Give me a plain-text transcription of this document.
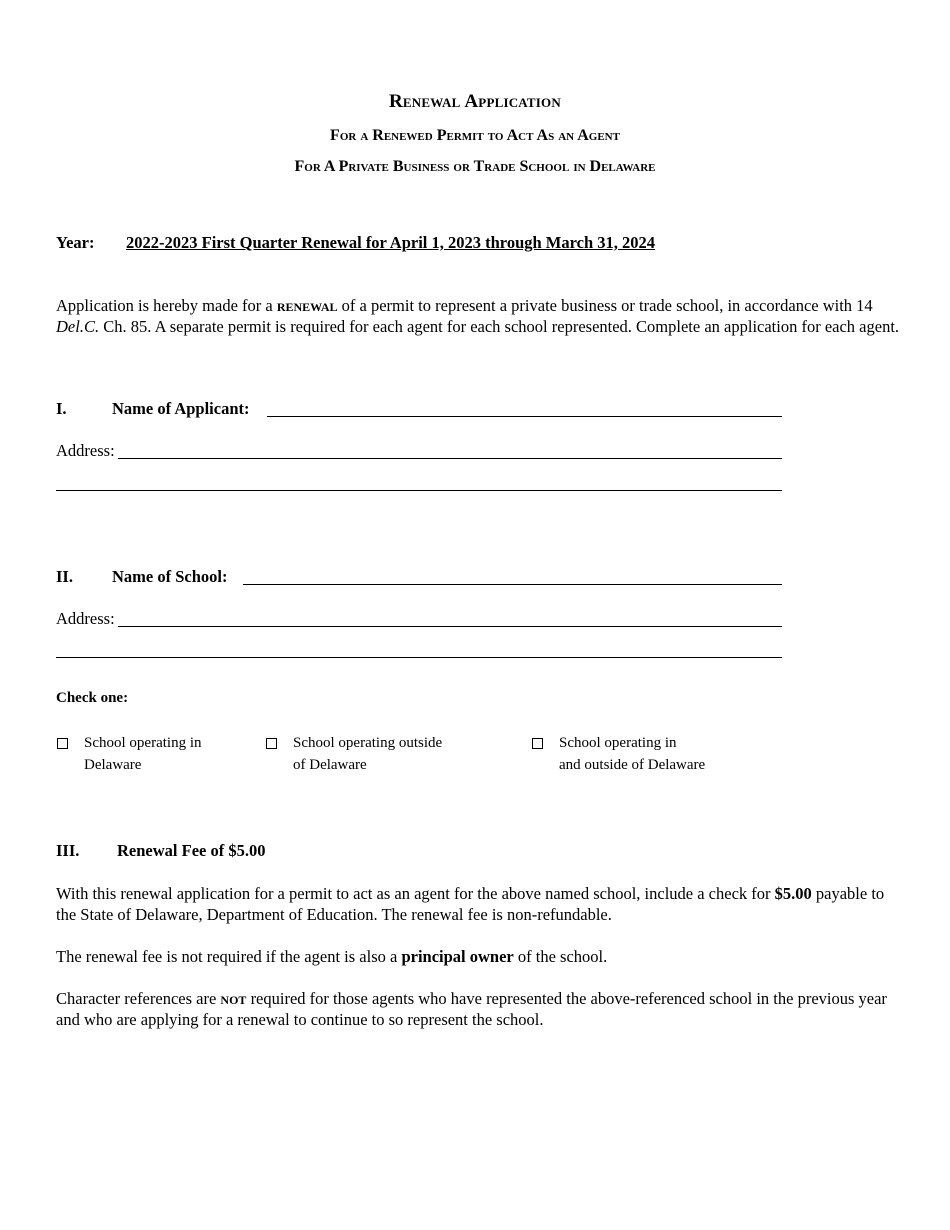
Renewal Application
For a Renewed Permit to Act As an Agent
For A Private Business or Trade School in Delaware
Year: 2022-2023 First Quarter Renewal for April 1, 2023 through March 31, 2024
Application is hereby made for a renewal of a permit to represent a private business or trade school, in accordance with 14 Del.C. Ch. 85. A separate permit is required for each agent for each school represented. Complete an application for each agent.
I.	Name of Applicant:
Address:
II. Name of School:
Address:
Check one:
School operating in
Delaware
School operating outside
of Delaware
School operating in
and outside of Delaware
III. Renewal Fee of $5.00
With this renewal application for a permit to act as an agent for the above named school, include a check for $5.00 payable to the State of Delaware, Department of Education. The renewal fee is non-refundable.
The renewal fee is not required if the agent is also a principal owner of the school.
Character references are not required for those agents who have represented the above-referenced school in the previous year and who are applying for a renewal to continue to so represent the school.
